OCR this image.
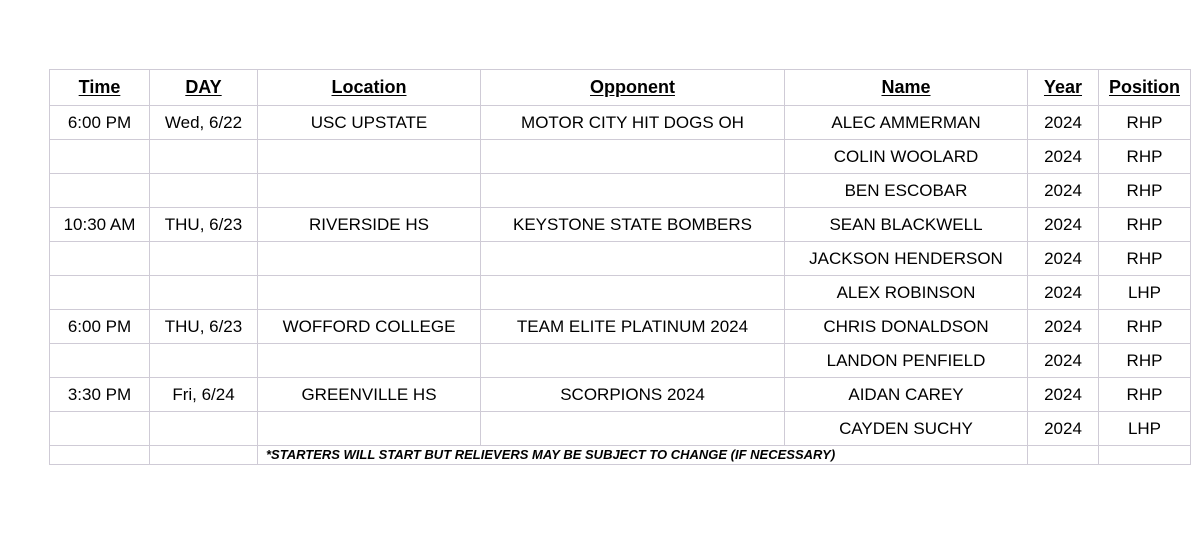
Time	DAY	Location	Opponent	Name	Year	Position
6:00 PM	Wed, 6/22	USC UPSTATE	MOTOR CITY HIT DOGS OH	ALEC AMMERMAN	2024	RHP
				COLIN WOOLARD	2024	RHP
				BEN ESCOBAR	2024	RHP
10:30 AM	THU, 6/23	RIVERSIDE HS	KEYSTONE STATE BOMBERS	SEAN BLACKWELL	2024	RHP
				JACKSON HENDERSON	2024	RHP
				ALEX ROBINSON	2024	LHP
6:00 PM	THU, 6/23	WOFFORD COLLEGE	TEAM ELITE PLATINUM 2024	CHRIS DONALDSON	2024	RHP
				LANDON PENFIELD	2024	RHP
3:30 PM	Fri, 6/24	GREENVILLE HS	SCORPIONS 2024	AIDAN CAREY	2024	RHP
				CAYDEN SUCHY	2024	LHP

		*STARTERS WILL START BUT RELIEVERS MAY BE SUBJECT TO CHANGE (IF NECESSARY)				
